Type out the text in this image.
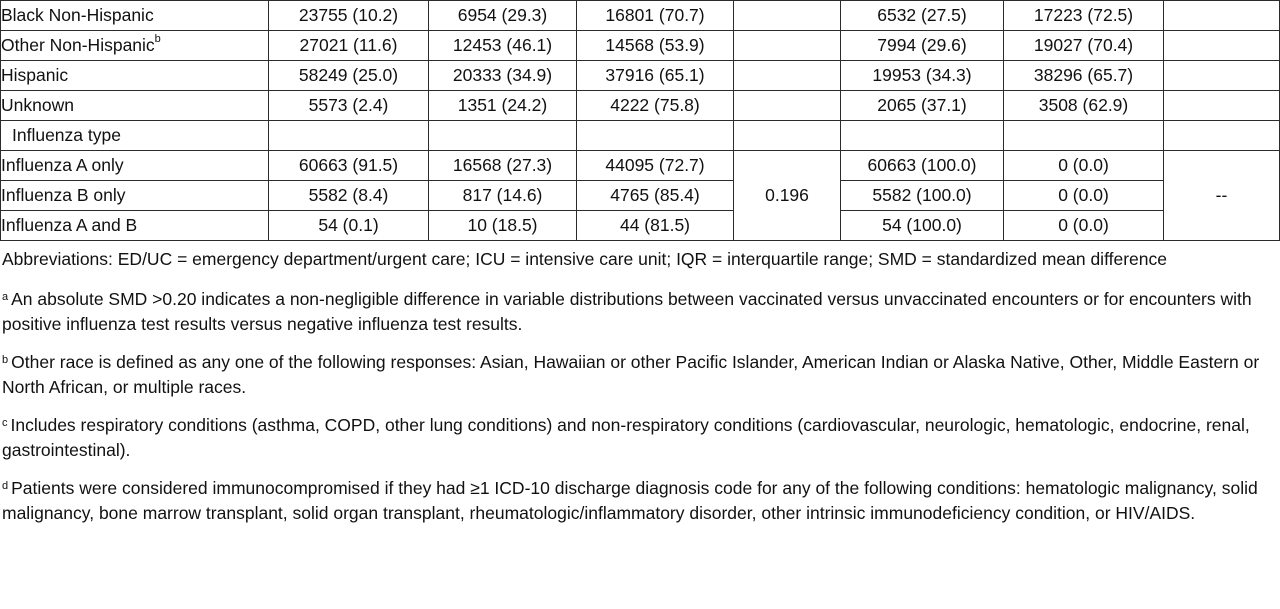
Black Non-Hispanic	23755 (10.2)	6954 (29.3)	16801 (70.7)		6532 (27.5)	17223 (72.5)	
Other Non-Hispanic$^b$	27021 (11.6)	12453 (46.1)	14568 (53.9)		7994 (29.6)	19027 (70.4)	
Hispanic	58249 (25.0)	20333 (34.9)	37916 (65.1)		19953 (34.3)	38296 (65.7)	
Unknown	5573 (2.4)	1351 (24.2)	4222 (75.8)		2065 (37.1)	3508 (62.9)	
Influenza type							
Influenza A only	60663 (91.5)	16568 (27.3)	44095 (72.7)	0.196	60663 (100.0)	0 (0.0)	--
Influenza B only	5582 (8.4)	817 (14.6)	4765 (85.4)		5582 (100.0)	0 (0.0)	
Influenza A and B	54 (0.1)	10 (18.5)	44 (81.5)		54 (100.0)	0 (0.0)	

Abbreviations: ED/UC = emergency department/urgent care; ICU = intensive care unit; IQR = interquartile range; SMD = standardized mean difference

$^a$ An absolute SMD >0.20 indicates a non-negligible difference in variable distributions between vaccinated versus unvaccinated encounters or for encounters with positive influenza test results versus negative influenza test results.

$^b$ Other race is defined as any one of the following responses: Asian, Hawaiian or other Pacific Islander, American Indian or Alaska Native, Other, Middle Eastern or North African, or multiple races.

$^c$ Includes respiratory conditions (asthma, COPD, other lung conditions) and non-respiratory conditions (cardiovascular, neurologic, hematologic, endocrine, renal, gastrointestinal).

$^d$ Patients were considered immunocompromised if they had ≥1 ICD-10 discharge diagnosis code for any of the following conditions: hematologic malignancy, solid malignancy, bone marrow transplant, solid organ transplant, rheumatologic/inflammatory disorder, other intrinsic immunodeficiency condition, or HIV/AIDS.
